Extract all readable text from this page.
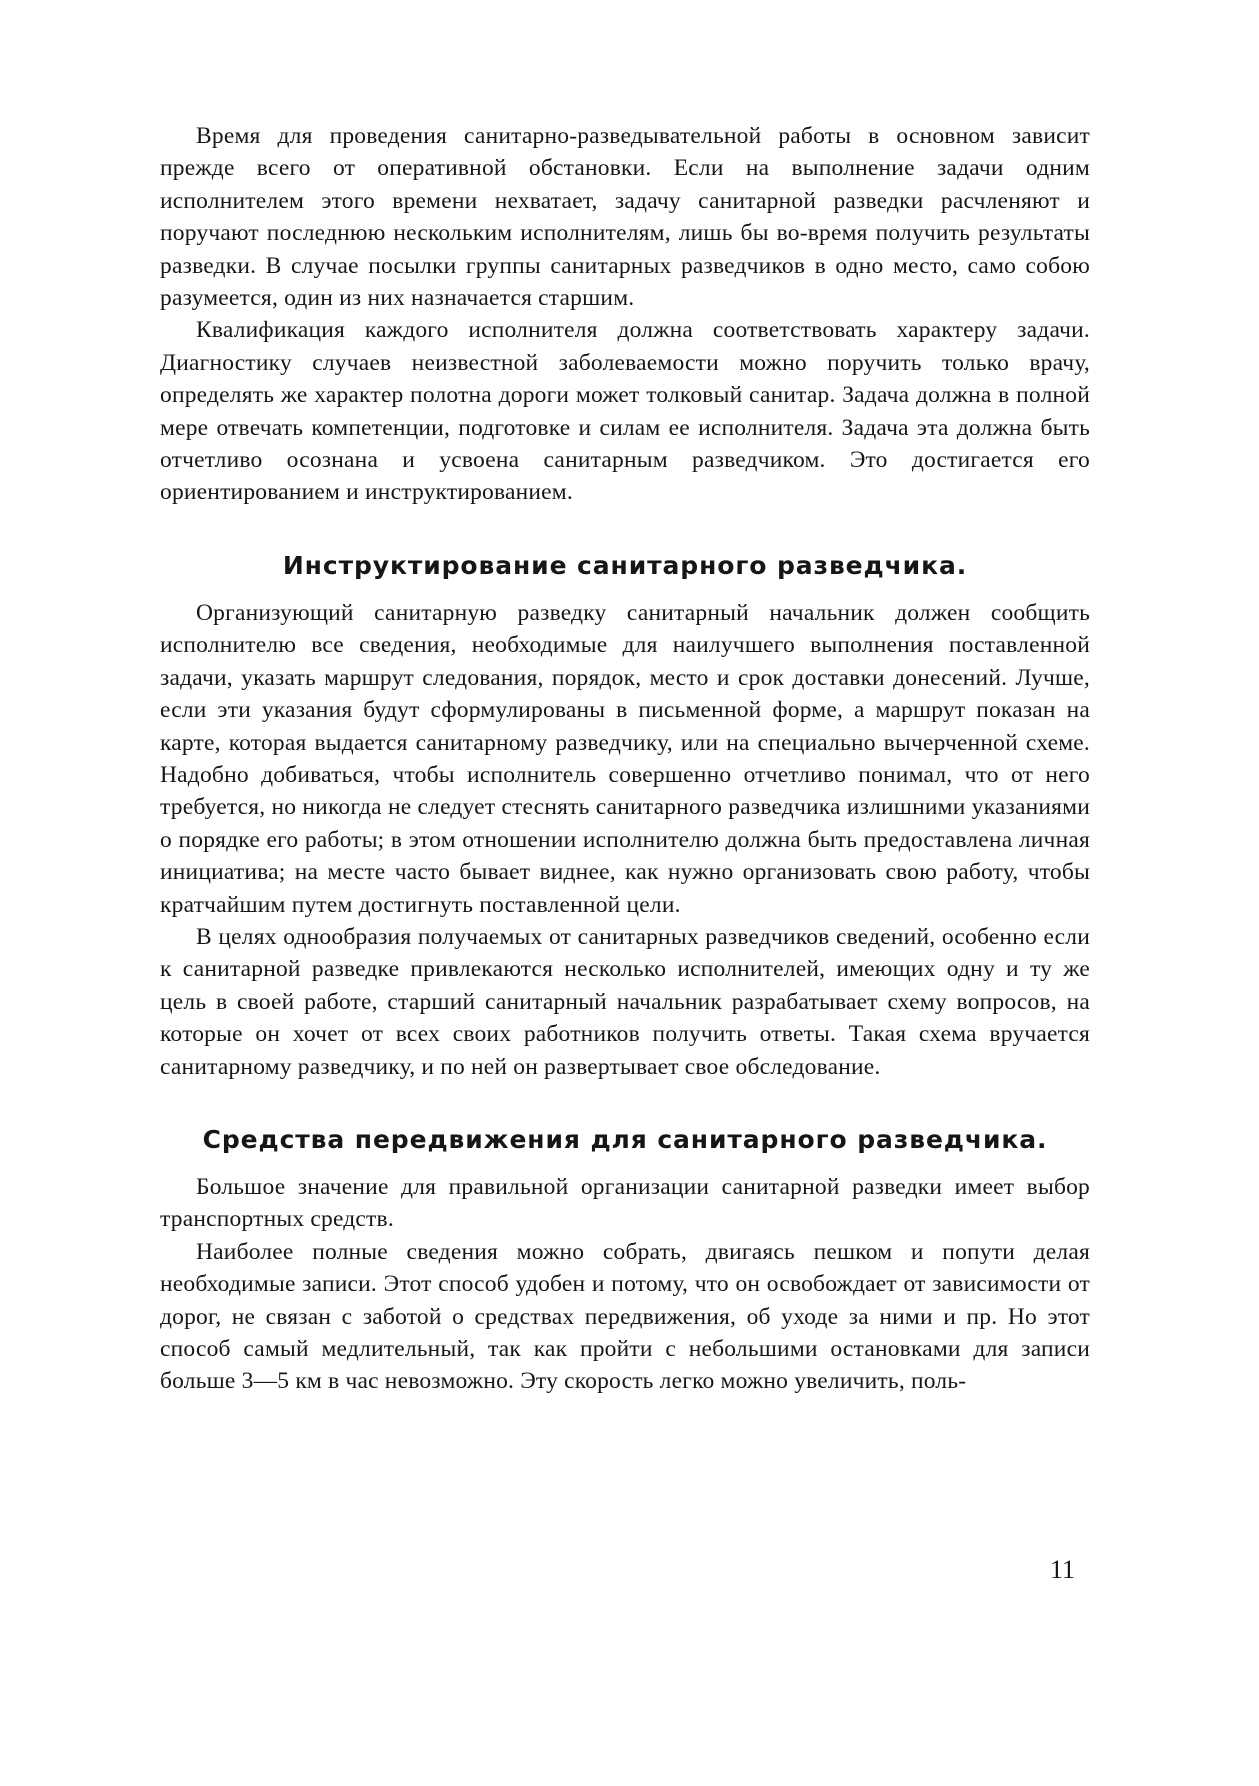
Время для проведения санитарно-разведывательной работы в основном зависит прежде всего от оперативной обстановки. Если на выполнение задачи одним исполнителем этого времени нехватает, задачу санитарной разведки расчленяют и поручают последнюю нескольким исполнителям, лишь бы во-время получить результаты разведки. В случае посылки группы санитарных разведчиков в одно место, само собою разумеется, один из них назначается старшим.

Квалификация каждого исполнителя должна соответствовать характеру задачи. Диагностику случаев неизвестной заболеваемости можно поручить только врачу, определять же характер полотна дороги может толковый санитар. Задача должна в полной мере отвечать компетенции, подготовке и силам ее исполнителя. Задача эта должна быть отчетливо осознана и усвоена санитарным разведчиком. Это достигается его ориентированием и инструктированием.

Инструктирование санитарного разведчика.

Организующий санитарную разведку санитарный начальник должен сообщить исполнителю все сведения, необходимые для наилучшего выполнения поставленной задачи, указать маршрут следования, порядок, место и срок доставки донесений. Лучше, если эти указания будут сформулированы в письменной форме, а маршрут показан на карте, которая выдается санитарному разведчику, или на специально вычерченной схеме. Надобно добиваться, чтобы исполнитель совершенно отчетливо понимал, что от него требуется, но никогда не следует стеснять санитарного разведчика излишними указаниями о порядке его работы; в этом отношении исполнителю должна быть предоставлена личная инициатива; на месте часто бывает виднее, как нужно организовать свою работу, чтобы кратчайшим путем достигнуть поставленной цели.

В целях однообразия получаемых от санитарных разведчиков сведений, особенно если к санитарной разведке привлекаются несколько исполнителей, имеющих одну и ту же цель в своей работе, старший санитарный начальник разрабатывает схему вопросов, на которые он хочет от всех своих работников получить ответы. Такая схема вручается санитарному разведчику, и по ней он развертывает свое обследование.

Средства передвижения для санитарного разведчика.

Большое значение для правильной организации санитарной разведки имеет выбор транспортных средств.

Наиболее полные сведения можно собрать, двигаясь пешком и попути делая необходимые записи. Этот способ удобен и потому, что он освобождает от зависимости от дорог, не связан с заботой о средствах передвижения, об уходе за ними и пр. Но этот способ самый медлительный, так как пройти с небольшими остановками для записи больше 3—5 км в час невозможно. Эту скорость легко можно увеличить, поль-

11
